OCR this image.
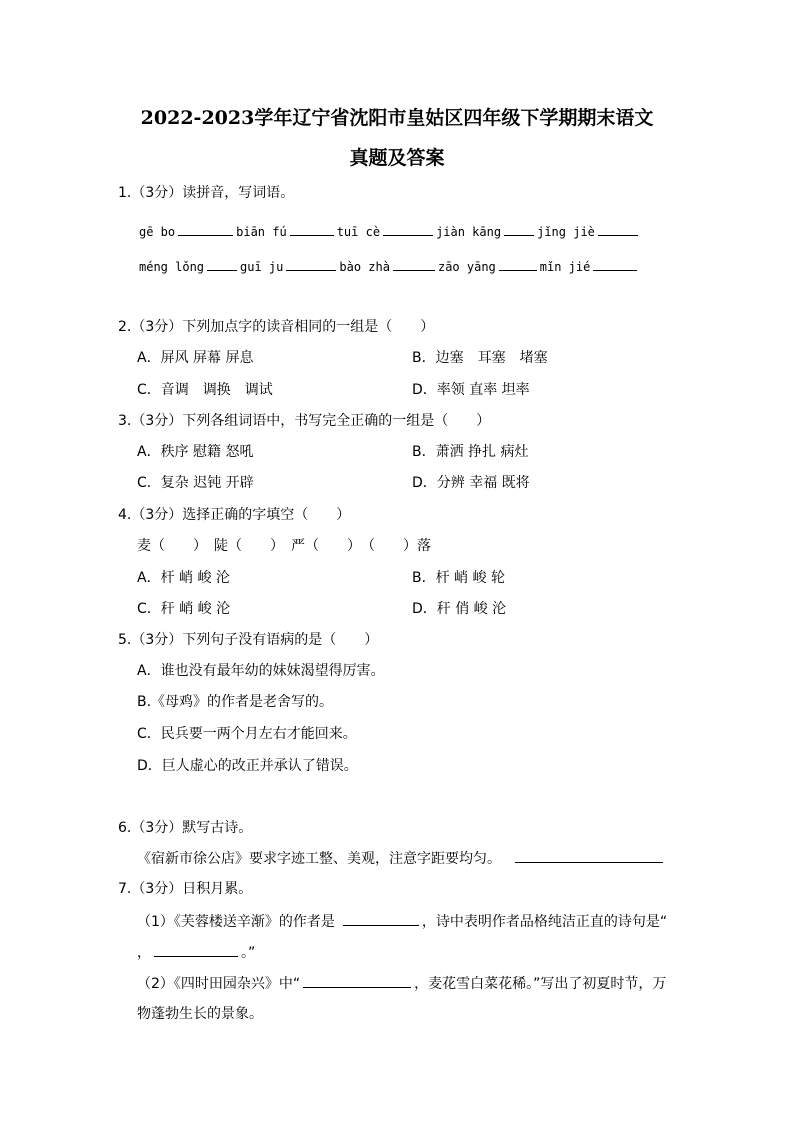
2022-2023学年辽宁省沈阳市皇姑区四年级下学期期末语文
真题及答案
1.（3分）读拼音，写词语。
gē bo	biān fú	tuī cè	jiàn kāng	jǐng jiè
méng lǒng	guī ju	bào zhà	zāo yāng	mǐn jié
2.（3分）下列加点字的读音相同的一组是（　　）
A．屏风 屏幕 屏息	B．边塞　耳塞　堵塞
C．音调　调换　调试	D．率领 直率 坦率
3.（3分）下列各组词语中，书写完全正确的一组是（　　）
A．秩序 慰籍 怒吼	B．萧洒 挣扎 病灶
C．复杂 迟钝 开辟	D．分辨 幸福 既将
4.（3分）选择正确的字填空（　　）
麦（　　）　陡（　　）　严（　　）　（　　）落
A．杆 峭 峻 沦	B．杆 峭 峻 轮
C．秆 峭 峻 沦	D．秆 俏 峻 沦
5.（3分）下列句子没有语病的是（　　）
A．谁也没有最年幼的妹妹渴望得厉害。
B.《母鸡》的作者是老舍写的。
C．民兵要一两个月左右才能回来。
D．巨人虚心的改正并承认了错误。
6.（3分）默写古诗。
《宿新市徐公店》要求字迹工整、美观，注意字距要均匀。
7.（3分）日积月累。
（1）《芙蓉楼送辛渐》的作者是	，诗中表明作者品格纯洁正直的诗句是“
，	。”
（2）《四时田园杂兴》中“	，麦花雪白菜花稀。”写出了初夏时节，万
物蓬勃生长的景象。
